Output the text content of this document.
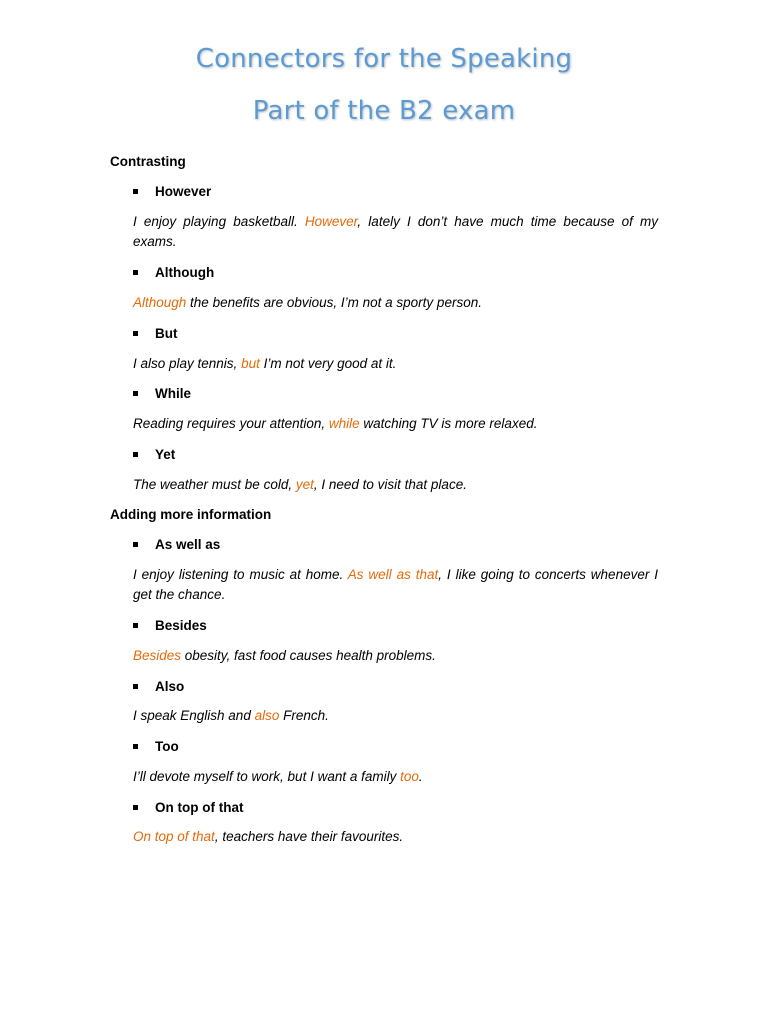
Connectors for the Speaking
Part of the B2 exam
Contrasting
However
I enjoy playing basketball. However, lately I don’t have much time because of my exams.
Although
Although the benefits are obvious, I’m not a sporty person.
But
I also play tennis, but I’m not very good at it.
While
Reading requires your attention, while watching TV is more relaxed.
Yet
The weather must be cold, yet, I need to visit that place.
Adding more information
As well as
I enjoy listening to music at home. As well as that, I like going to concerts whenever I get the chance.
Besides
Besides obesity, fast food causes health problems.
Also
I speak English and also French.
Too
I’ll devote myself to work, but I want a family too.
On top of that
On top of that, teachers have their favourites.
